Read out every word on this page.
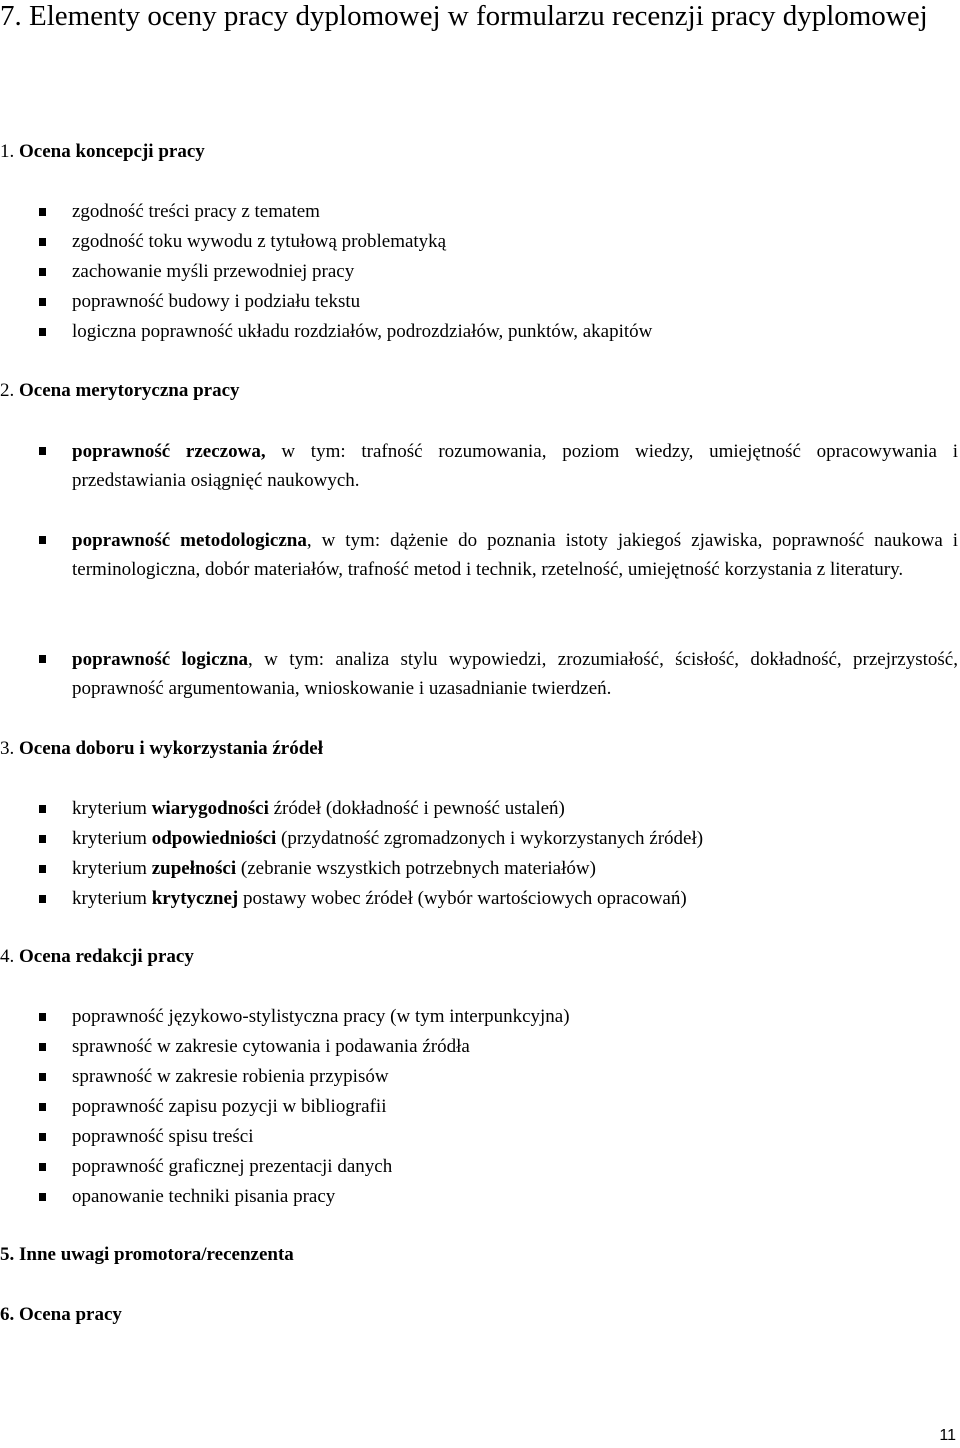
7. Elementy oceny pracy dyplomowej w formularzu recenzji pracy dyplomowej
1. Ocena koncepcji pracy
zgodność treści pracy z tematem
zgodność toku wywodu z tytułową problematyką
zachowanie myśli przewodniej pracy
poprawność budowy i podziału tekstu
logiczna poprawność układu rozdziałów, podrozdziałów, punktów, akapitów
2. Ocena merytoryczna pracy
poprawność rzeczowa, w tym: trafność rozumowania, poziom wiedzy, umiejętność opracowywania i przedstawiania osiągnięć naukowych.
poprawność metodologiczna, w tym: dążenie do poznania istoty jakiegoś zjawiska, poprawność naukowa i terminologiczna, dobór materiałów, trafność metod i technik, rzetelność, umiejętność korzystania z literatury.
poprawność logiczna, w tym: analiza stylu wypowiedzi, zrozumiałość, ścisłość, dokładność, przejrzystość, poprawność argumentowania, wnioskowanie i uzasadnianie twierdzeń.
3. Ocena doboru i wykorzystania źródeł
kryterium wiarygodności źródeł (dokładność i pewność ustaleń)
kryterium odpowiedniości (przydatność zgromadzonych i wykorzystanych źródeł)
kryterium zupełności (zebranie wszystkich potrzebnych materiałów)
kryterium krytycznej postawy wobec źródeł (wybór wartościowych opracowań)
4. Ocena redakcji pracy
poprawność językowo-stylistyczna pracy (w tym interpunkcyjna)
sprawność w zakresie cytowania i podawania źródła
sprawność w zakresie robienia przypisów
poprawność zapisu pozycji w bibliografii
poprawność spisu treści
poprawność graficznej prezentacji danych
opanowanie techniki pisania pracy
5. Inne uwagi promotora/recenzenta
6. Ocena pracy
11
